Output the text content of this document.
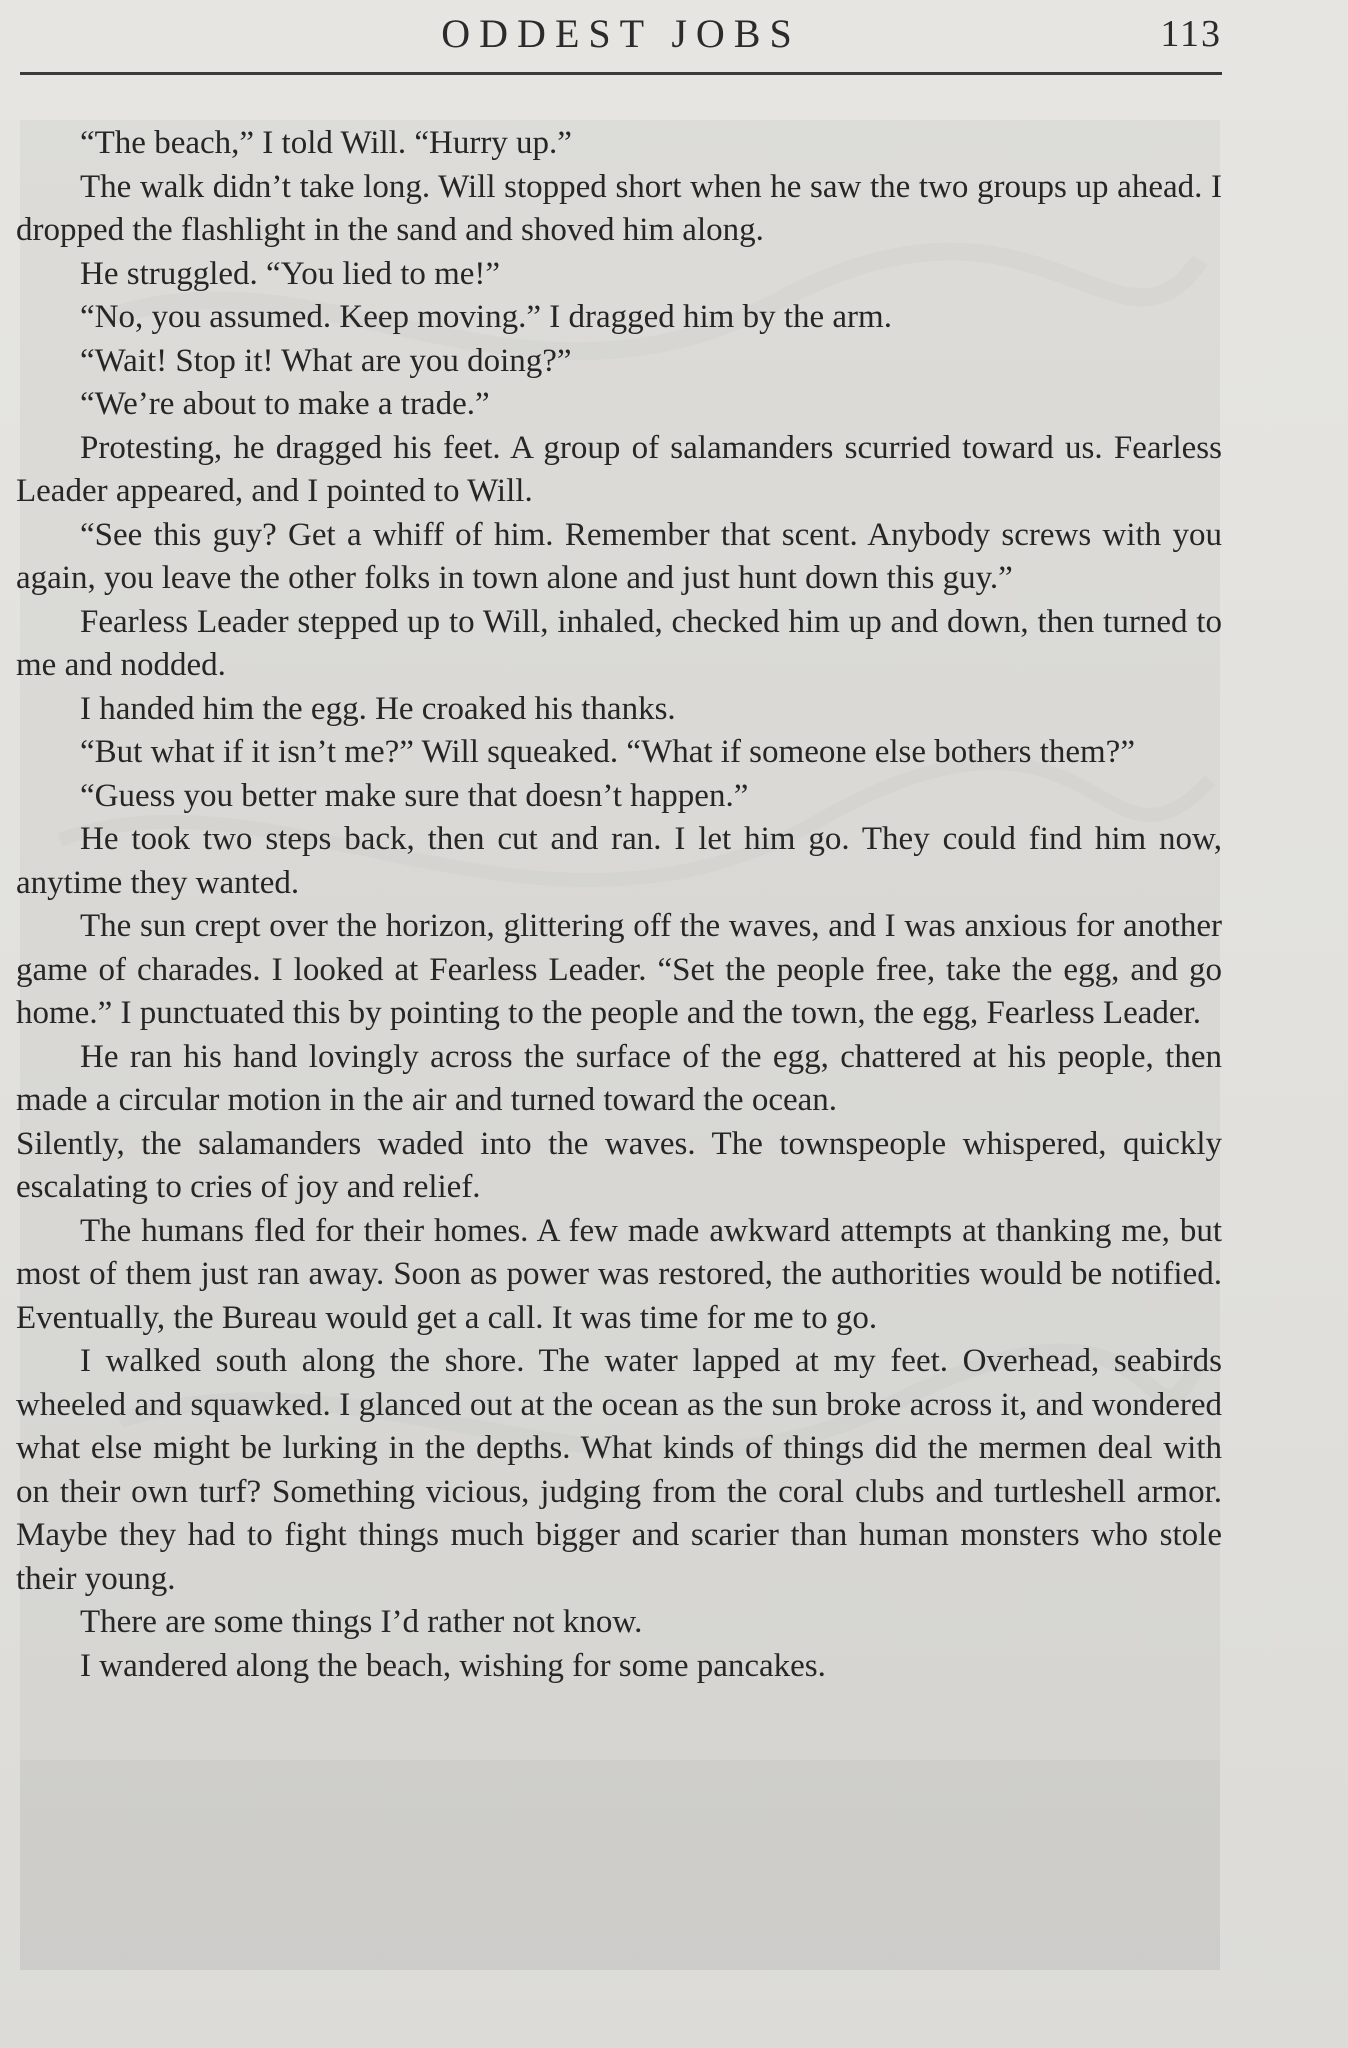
ODDEST JOBS	113

“The beach,” I told Will. “Hurry up.”

The walk didn’t take long. Will stopped short when he saw the two groups up ahead. I dropped the flashlight in the sand and shoved him along.

He struggled. “You lied to me!”

“No, you assumed. Keep moving.” I dragged him by the arm.

“Wait! Stop it! What are you doing?”

“We’re about to make a trade.”

Protesting, he dragged his feet. A group of salamanders scurried toward us. Fearless Leader appeared, and I pointed to Will.

“See this guy? Get a whiff of him. Remember that scent. Anybody screws with you again, you leave the other folks in town alone and just hunt down this guy.”

Fearless Leader stepped up to Will, inhaled, checked him up and down, then turned to me and nodded.

I handed him the egg. He croaked his thanks.

“But what if it isn’t me?” Will squeaked. “What if someone else bothers them?”

“Guess you better make sure that doesn’t happen.”

He took two steps back, then cut and ran. I let him go. They could find him now, anytime they wanted.

The sun crept over the horizon, glittering off the waves, and I was anxious for another game of charades. I looked at Fearless Leader. “Set the people free, take the egg, and go home.” I punctuated this by pointing to the people and the town, the egg, Fearless Leader.

He ran his hand lovingly across the surface of the egg, chattered at his people, then made a circular motion in the air and turned toward the ocean.

Silently, the salamanders waded into the waves. The townspeople whispered, quickly escalating to cries of joy and relief.

The humans fled for their homes. A few made awkward attempts at thanking me, but most of them just ran away. Soon as power was restored, the authorities would be notified. Eventually, the Bureau would get a call. It was time for me to go.

I walked south along the shore. The water lapped at my feet. Overhead, seabirds wheeled and squawked. I glanced out at the ocean as the sun broke across it, and wondered what else might be lurking in the depths. What kinds of things did the mermen deal with on their own turf? Something vicious, judging from the coral clubs and turtleshell armor. Maybe they had to fight things much bigger and scarier than human monsters who stole their young.

There are some things I’d rather not know.

I wandered along the beach, wishing for some pancakes.
